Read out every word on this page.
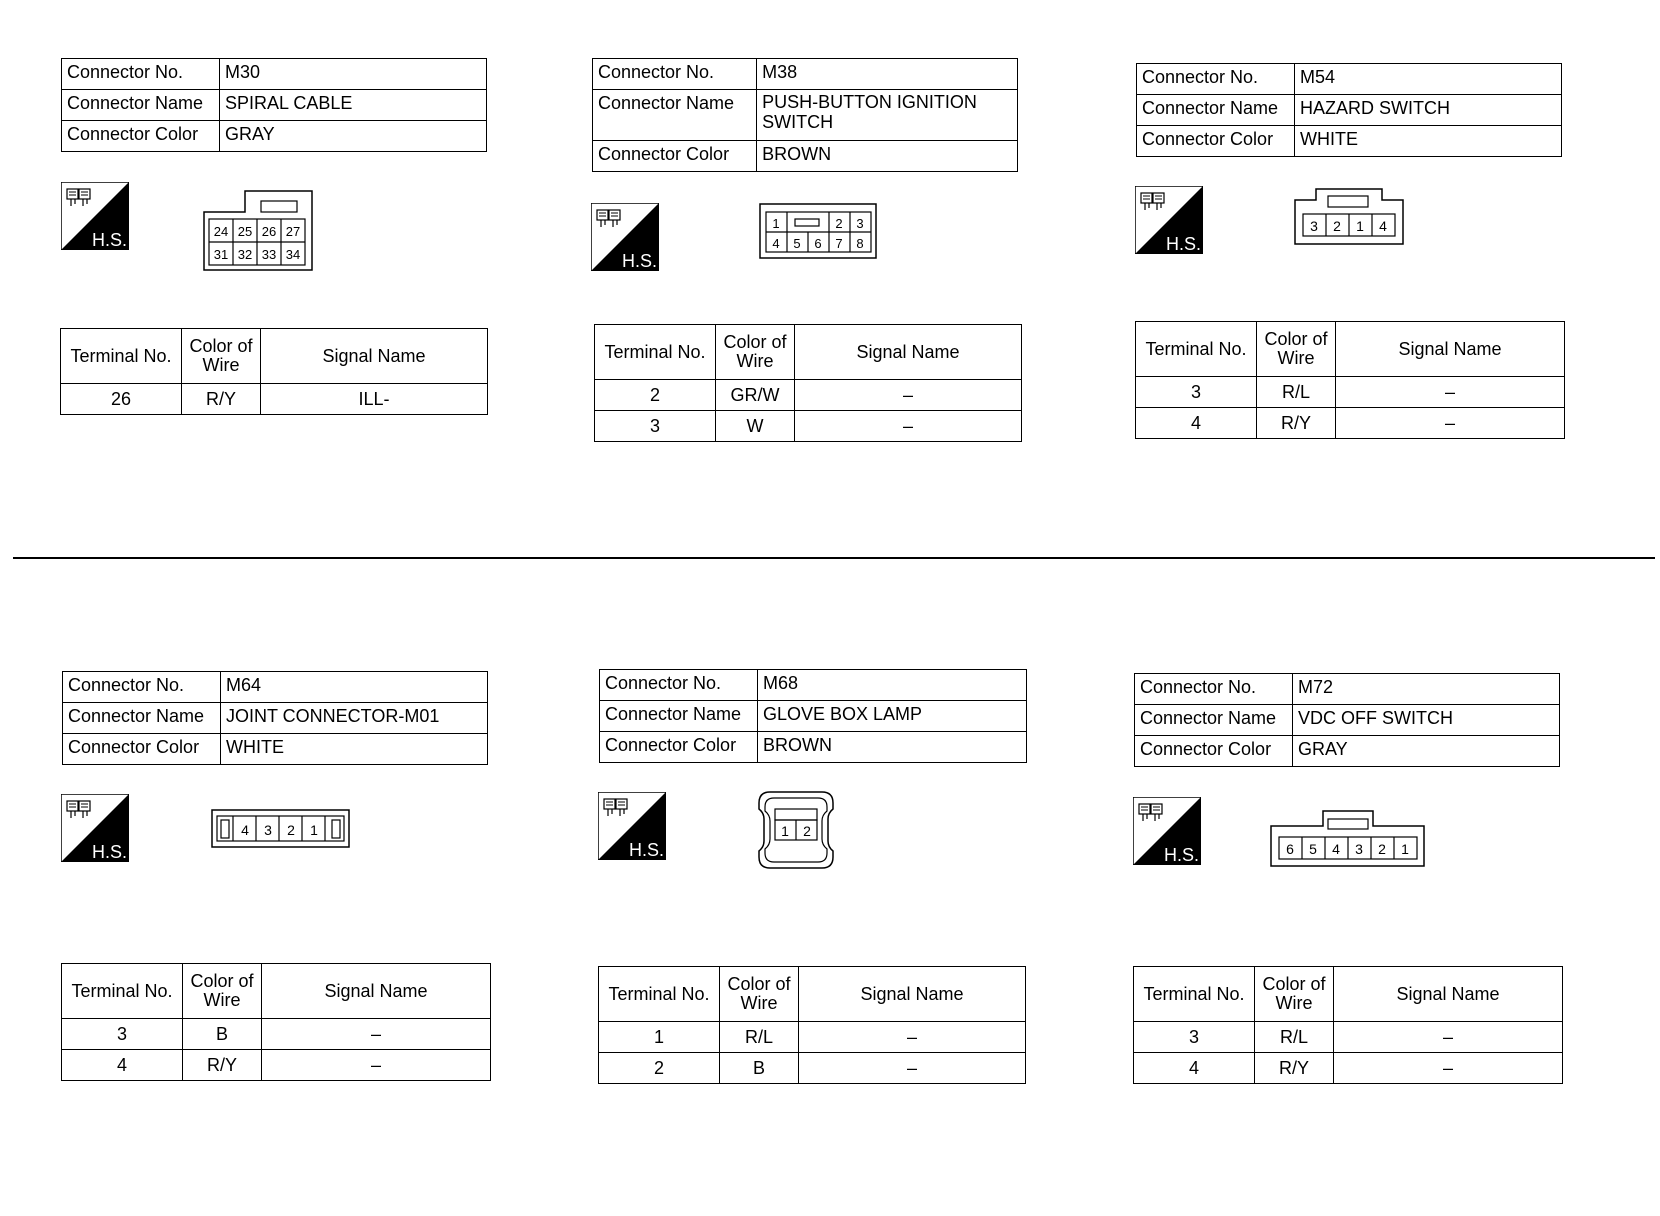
Connector No.	M30
Connector Name	SPIRAL CABLE
Connector Color	GRAY
H.S.	24 25 26 27
31 32 33 34
Terminal No.	Color of Wire	Signal Name
26	R/Y	ILL-
Connector No.	M38
Connector Name	PUSH-BUTTON IGNITION SWITCH
Connector Color	BROWN
H.S.
1	2 3
4 5 6 7 8
Terminal No.	Color of Wire	Signal Name
2	GR/W	–
3	W	–
Connector No.	M54
Connector Name	HAZARD SWITCH
Connector Color	WHITE
H.S.
3 2 1 4
Terminal No.	Color of Wire	Signal Name
3	R/L	–
4	R/Y	–
Connector No.	M64
Connector Name	JOINT CONNECTOR-M01
Connector Color	WHITE
H.S.
4 3 2 1
Terminal No.	Color of Wire	Signal Name
3	B	–
4	R/Y	–
Connector No.	M68
Connector Name	GLOVE BOX LAMP
Connector Color	BROWN
H.S.
1 2
Terminal No.	Color of Wire	Signal Name
1	R/L	–
2	B	–
Connector No.	M72
Connector Name	VDC OFF SWITCH
Connector Color	GRAY
H.S.	6 5 4 3 2 1
Terminal No.	Color of Wire	Signal Name
3	R/L	–
4	R/Y	–
